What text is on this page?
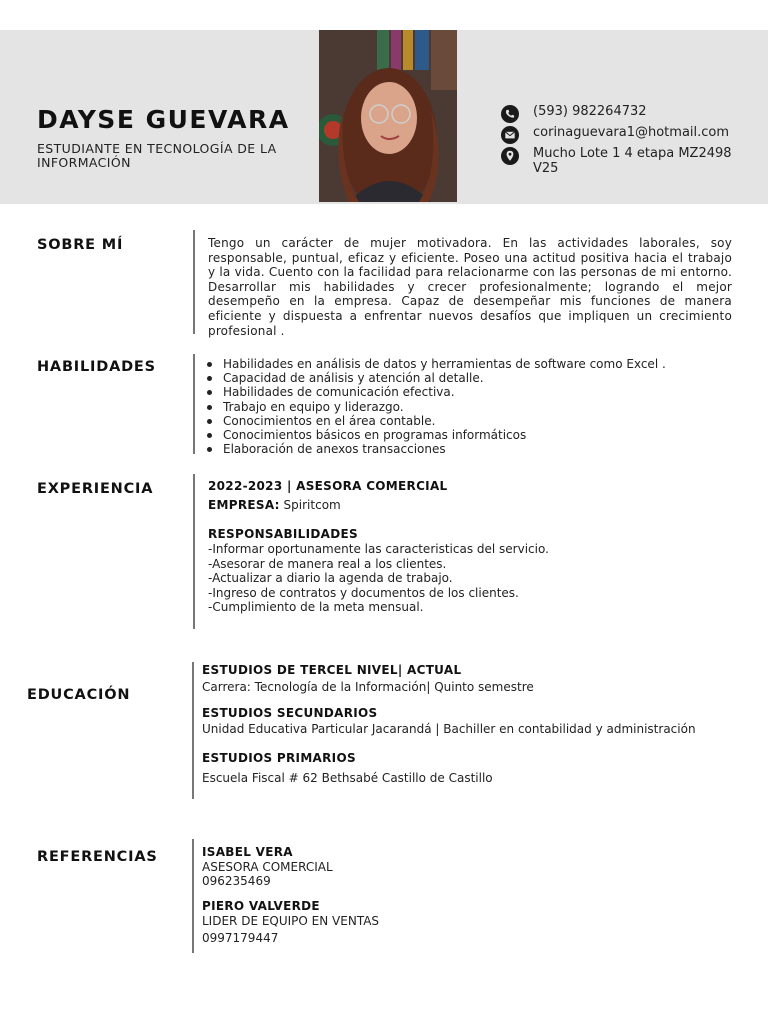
DAYSE GUEVARA
ESTUDIANTE EN TECNOLOGÍA DE LA INFORMACIÓN
(593) 982264732
corinaguevara1@hotmail.com
Mucho Lote 1 4 etapa MZ2498 V25
SOBRE MÍ	Tengo un carácter de mujer motivadora. En las actividades laborales, soy responsable, puntual, eficaz y eficiente. Poseo una actitud positiva hacia el trabajo y la vida. Cuento con la facilidad para relacionarme con las personas de mi entorno. Desarrollar mis habilidades y crecer profesionalmente; logrando el mejor desempeño en la empresa. Capaz de desempeñar mis funciones de manera eficiente y dispuesta a enfrentar nuevos desafíos que impliquen un crecimiento profesional .
HABILIDADES	Habilidades en análisis de datos y herramientas de software como Excel .
Capacidad de análisis y atención al detalle.
Habilidades de comunicación efectiva.
Trabajo en equipo y liderazgo.
Conocimientos en el área contable.
Conocimientos básicos en programas informáticos
Elaboración de anexos transacciones
EXPERIENCIA	2022-2023 | ASESORA COMERCIAL
EMPRESA: Spiritcom
RESPONSABILIDADES
-Informar oportunamente las caracteristicas del servicio.
-Asesorar de manera real a los clientes.
-Actualizar a diario la agenda de trabajo.
-Ingreso de contratos y documentos de los clientes.
-Cumplimiento de la meta mensual.
EDUCACIÓN
ESTUDIOS DE TERCEL NIVEL| ACTUAL
Carrera: Tecnología de la Información| Quinto semestre
ESTUDIOS SECUNDARIOS
Unidad Educativa Particular Jacarandá | Bachiller en contabilidad y administración
ESTUDIOS PRIMARIOS
Escuela Fiscal # 62 Bethsabé Castillo de Castillo
REFERENCIAS	ISABEL VERA
ASESORA COMERCIAL
096235469
PIERO VALVERDE
LIDER DE EQUIPO EN VENTAS
0997179447
